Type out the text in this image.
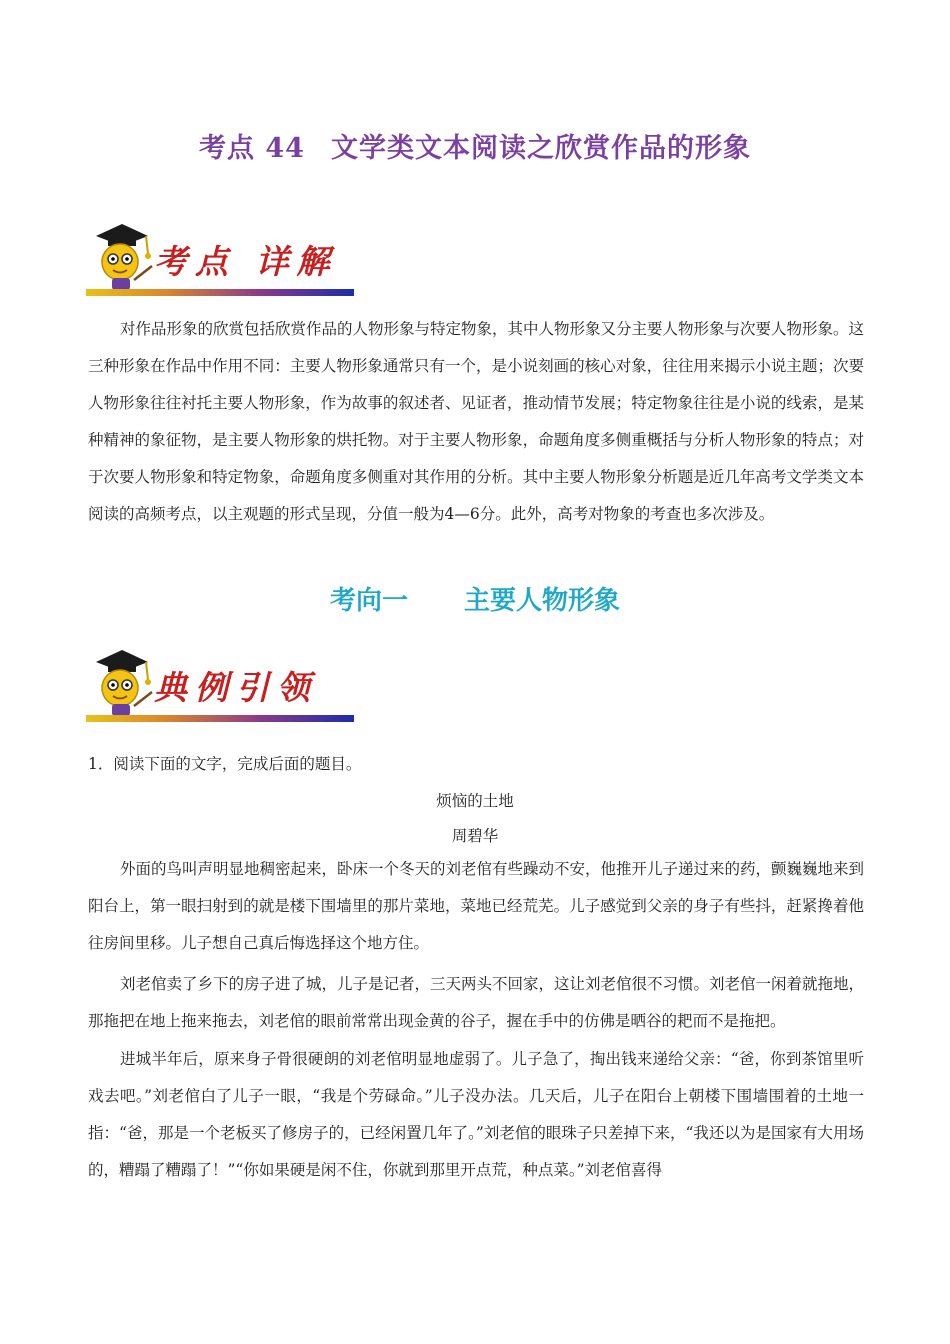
考点 44 文学类文本阅读之欣赏作品的形象
考点 详解

对作品形象的欣赏包括欣赏作品的人物形象与特定物象，其中人物形象又分主要人物形象与次要人物形象。这三种形象在作品中作用不同：主要人物形象通常只有一个，是小说刻画的核心对象，往往用来揭示小说主题；次要人物形象往往衬托主要人物形象，作为故事的叙述者、见证者，推动情节发展；特定物象往往是小说的线索，是某种精神的象征物，是主要人物形象的烘托物。对于主要人物形象，命题角度多侧重概括与分析人物形象的特点；对于次要人物形象和特定物象，命题角度多侧重对其作用的分析。其中主要人物形象分析题是近几年高考文学类文本阅读的高频考点，以主观题的形式呈现，分值一般为4—6分。此外，高考对物象的考查也多次涉及。

考向一 主要人物形象
典例引领

1．阅读下面的文字，完成后面的题目。

烦恼的土地

周碧华

外面的鸟叫声明显地稠密起来，卧床一个冬天的刘老倌有些躁动不安，他推开儿子递过来的药，颤巍巍地来到阳台上，第一眼扫射到的就是楼下围墙里的那片菜地，菜地已经荒芜。儿子感觉到父亲的身子有些抖，赶紧搀着他往房间里移。儿子想自己真后悔选择这个地方住。

刘老倌卖了乡下的房子进了城，儿子是记者，三天两头不回家，这让刘老倌很不习惯。刘老倌一闲着就拖地，那拖把在地上拖来拖去，刘老倌的眼前常常出现金黄的谷子，握在手中的仿佛是晒谷的耙而不是拖把。

进城半年后，原来身子骨很硬朗的刘老倌明显地虚弱了。儿子急了，掏出钱来递给父亲：“爸，你到茶馆里听戏去吧。”刘老倌白了儿子一眼，“我是个劳碌命。”儿子没办法。几天后，儿子在阳台上朝楼下围墙围着的土地一指：“爸，那是一个老板买了修房子的，已经闲置几年了。”刘老倌的眼珠子只差掉下来，“我还以为是国家有大用场的，糟蹋了糟蹋了！”“你如果硬是闲不住，你就到那里开点荒，种点菜。”刘老倌喜得
